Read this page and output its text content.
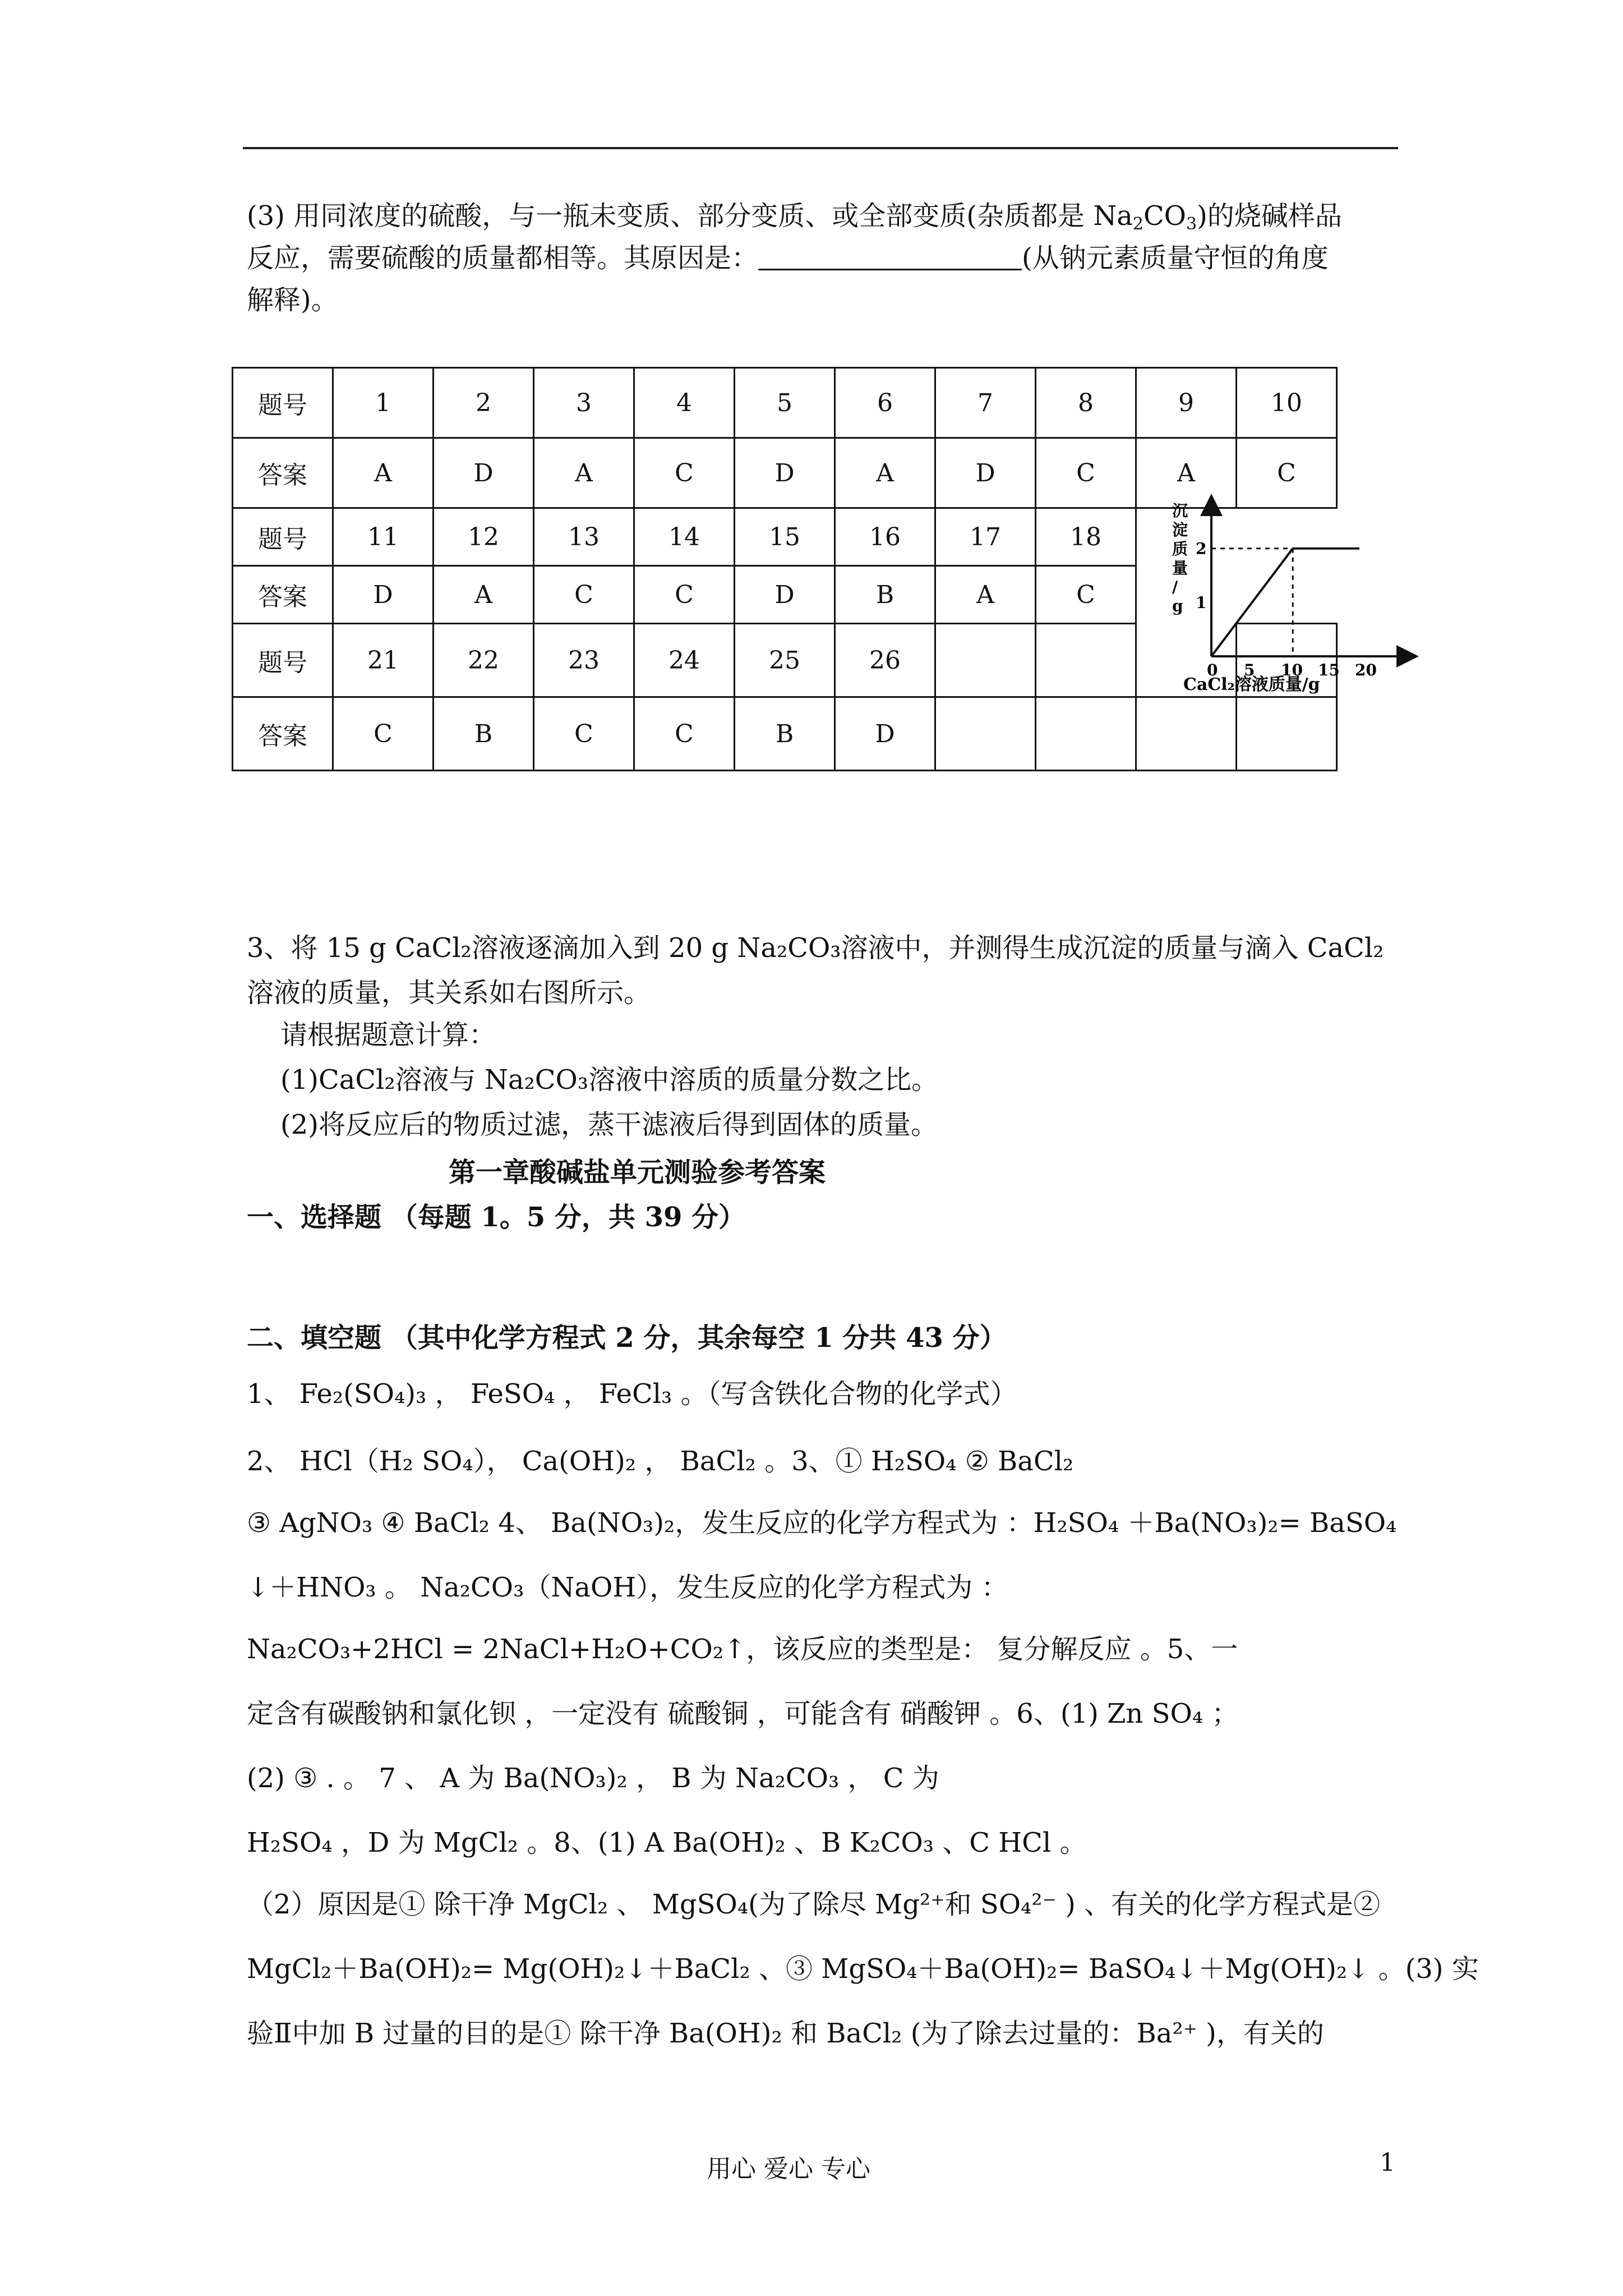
(3) 用同浓度的硫酸，与一瓶未变质、部分变质、或全部变质(杂质都是 $Na_2CO_3$)的烧碱样品

反应，需要硫酸的质量都相等。其原因是：	(从钠元素质量守恒的角度

解释)。

题号	1	2	3	4	5	6	7	8	9	10
答案	A	D	A	C	D	A	D	C	A	C
题号	11	12	13	14	15	16	17	18		
答案	D	A	C	C	D	B	A	C		
题号	21	22	23	24	25	26				
答案	C	B	C	C	B	D				
沉淀质量/ g
0 5 10 15 20
1
2
CaCl₂溶液质量/g

3、将 15 g CaCl₂溶液逐滴加入到 20 g Na₂CO₃溶液中，并测得生成沉淀的质量与滴入 CaCl₂

溶液的质量，其关系如右图所示。

请根据题意计算：

(1)CaCl₂溶液与 Na₂CO₃溶液中溶质的质量分数之比。

(2)将反应后的物质过滤，蒸干滤液后得到固体的质量。

第一章酸碱盐单元测验参考答案

一、选择题 （每题 1。5 分，共 39 分）

二、填空题 （其中化学方程式 2 分，其余每空 1 分共 43 分）

1、 Fe₂(SO₄)₃ ， FeSO₄ ， FeCl₃ 。（写含铁化合物的化学式）

2、 HCl（H₂ SO₄）， Ca(OH)₂ ， BaCl₂ 。3、① H₂SO₄ ② BaCl₂

③ AgNO₃ ④ BaCl₂ 4、 Ba(NO₃)₂，发生反应的化学方程式为 ：H₂SO₄ ＋Ba(NO₃)₂= BaSO₄

↓＋HNO₃ 。 Na₂CO₃（NaOH），发生反应的化学方程式为 ：

Na₂CO₃+2HCl = 2NaCl+H₂O+CO₂↑，该反应的类型是： 复分解反应 。5、一

定含有碳酸钠和氯化钡 ，一定没有 硫酸铜 ，可能含有 硝酸钾 。6、(1) Zn SO₄ ；

(2) ③ . 。 7 、 A 为 Ba(NO₃)₂ ， B 为 Na₂CO₃ ， C 为

H₂SO₄ ，D 为 MgCl₂ 。8、(1) A Ba(OH)₂ 、B K₂CO₃ 、C HCl 。

（2）原因是① 除干净 MgCl₂ 、 MgSO₄(为了除尽 Mg²⁺和 SO₄²⁻ ) 、有关的化学方程式是②

MgCl₂＋Ba(OH)₂= Mg(OH)₂↓＋BaCl₂ 、③ MgSO₄＋Ba(OH)₂= BaSO₄↓＋Mg(OH)₂↓ 。(3) 实

验Ⅱ中加 B 过量的目的是① 除干净 Ba(OH)₂ 和 BaCl₂ (为了除去过量的：Ba²⁺ )，有关的

用心 爱心 专心	1
